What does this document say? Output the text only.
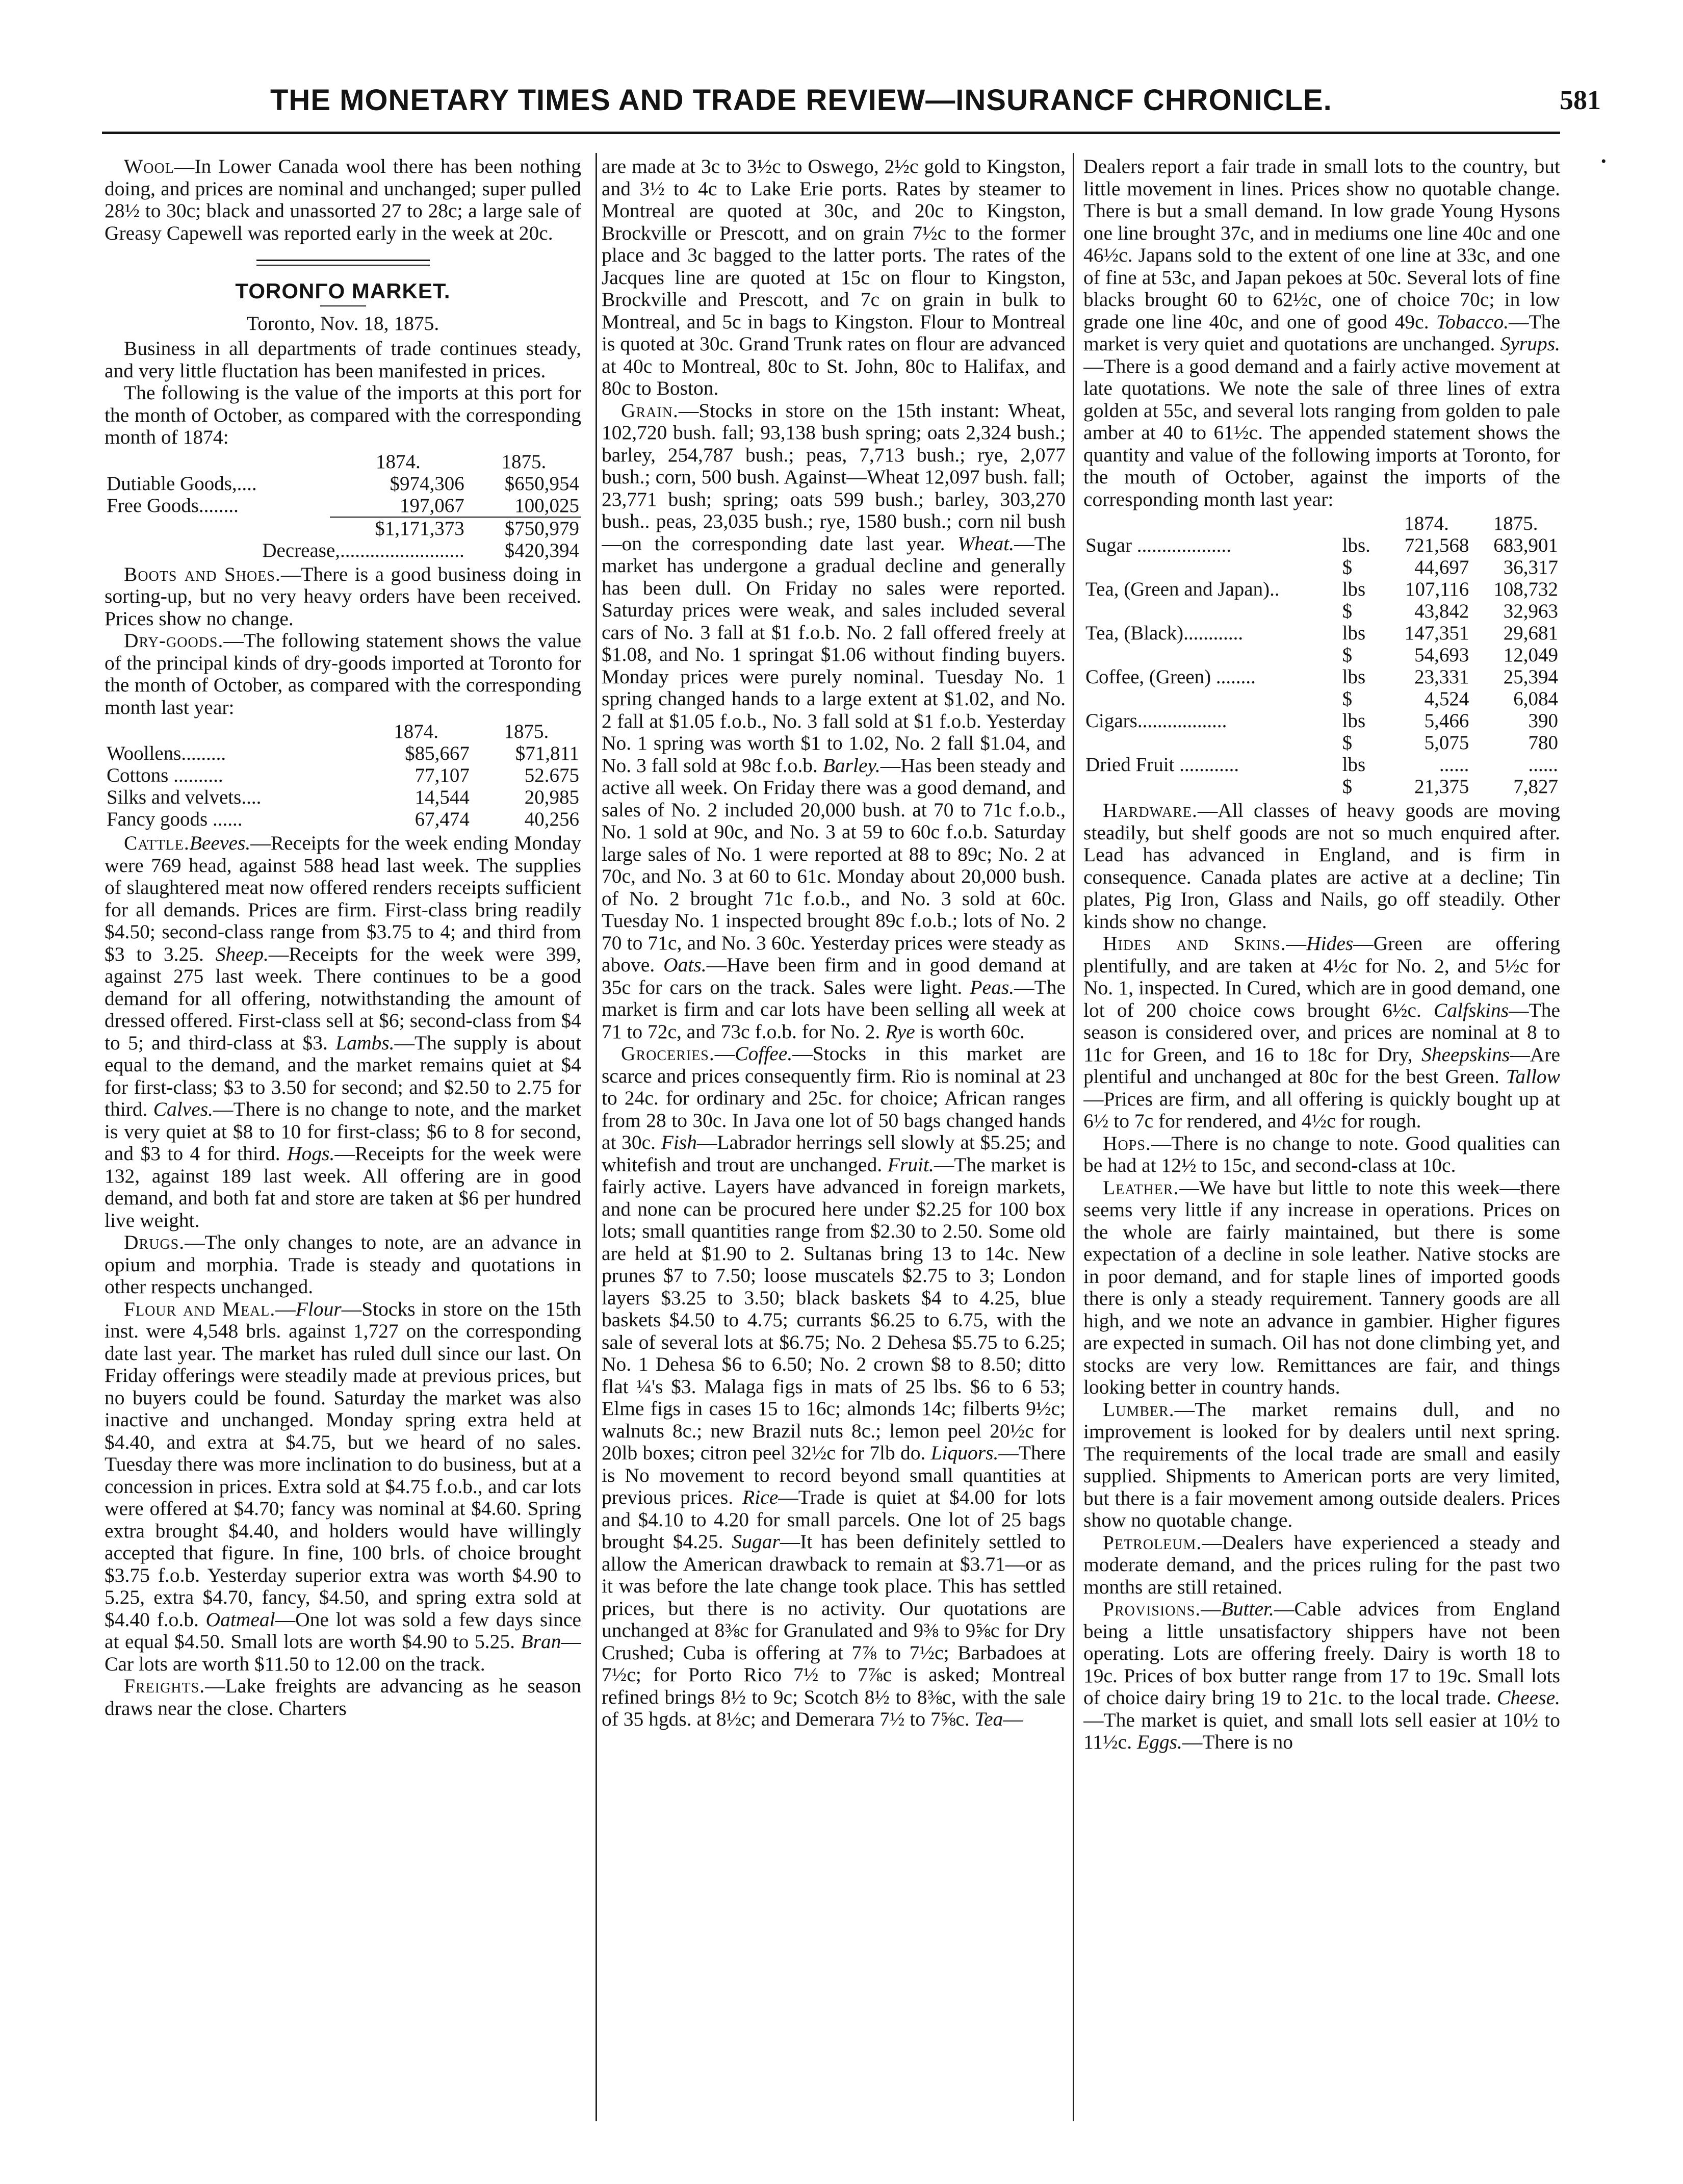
THE MONETARY TIMES AND TRADE REVIEW—INSURANCF CHRONICLE.	581
•

Wool—In Lower Canada wool there has been nothing doing, and prices are nominal and unchanged; super pulled 28½ to 30c; black and unassorted 27 to 28c; a large sale of Greasy Capewell was reported early in the week at 20c.

TORONΓO MARKET.
Toronto, Nov. 18, 1875.

Business in all departments of trade continues steady, and very little fluctation has been manifested in prices.

The following is the value of the imports at this port for the month of October, as compared with the corresponding month of 1874:

	1874.	1875.
Dutiable Goods,....	$974,306	$650,954
Free Goods........	197,067	100,025
	$1,171,373	$750,979
Decrease,.........................		$420,394

Boots and Shoes.—There is a good business doing in sorting-up, but no very heavy orders have been received. Prices show no change.

Dry-goods.—The following statement shows the value of the principal kinds of dry-goods imported at Toronto for the month of October, as compared with the corresponding month last year:

	1874.	1875.
Woollens.........	$85,667	$71,811
Cottons ..........	77,107	52.675
Silks and velvets....	14,544	20,985
Fancy goods ......	67,474	40,256

Cattle.Beeves.—Receipts for the week ending Monday were 769 head, against 588 head last week. The supplies of slaughtered meat now offered renders receipts sufficient for all demands. Prices are firm. First-class bring readily $4.50; second-class range from $3.75 to 4; and third from $3 to 3.25. Sheep.—Receipts for the week were 399, against 275 last week. There continues to be a good demand for all offering, notwithstanding the amount of dressed offered. First-class sell at $6; second-class from $4 to 5; and third-class at $3. Lambs.—The supply is about equal to the demand, and the market remains quiet at $4 for first-class; $3 to 3.50 for second; and $2.50 to 2.75 for third. Calves.—There is no change to note, and the market is very quiet at $8 to 10 for first-class; $6 to 8 for second, and $3 to 4 for third. Hogs.—Receipts for the week were 132, against 189 last week. All offering are in good demand, and both fat and store are taken at $6 per hundred live weight.

Drugs.—The only changes to note, are an advance in opium and morphia. Trade is steady and quotations in other respects unchanged.

Flour and Meal.—Flour—Stocks in store on the 15th inst. were 4,548 brls. against 1,727 on the corresponding date last year. The market has ruled dull since our last. On Friday offerings were steadily made at previous prices, but no buyers could be found. Saturday the market was also inactive and unchanged. Monday spring extra held at $4.40, and extra at $4.75, but we heard of no sales. Tuesday there was more inclination to do business, but at a concession in prices. Extra sold at $4.75 f.o.b., and car lots were offered at $4.70; fancy was nominal at $4.60. Spring extra brought $4.40, and holders would have willingly accepted that figure. In fine, 100 brls. of choice brought $3.75 f.o.b. Yesterday superior extra was worth $4.90 to 5.25, extra $4.70, fancy, $4.50, and spring extra sold at $4.40 f.o.b. Oatmeal—One lot was sold a few days since at equal $4.50. Small lots are worth $4.90 to 5.25. Bran—Car lots are worth $11.50 to 12.00 on the track.

Freights.—Lake freights are advancing as he season draws near the close. Charters

are made at 3c to 3½c to Oswego, 2½c gold to Kingston, and 3½ to 4c to Lake Erie ports. Rates by steamer to Montreal are quoted at 30c, and 20c to Kingston, Brockville or Prescott, and on grain 7½c to the former place and 3c bagged to the latter ports. The rates of the Jacques line are quoted at 15c on flour to Kingston, Brockville and Prescott, and 7c on grain in bulk to Montreal, and 5c in bags to Kingston. Flour to Montreal is quoted at 30c. Grand Trunk rates on flour are advanced at 40c to Montreal, 80c to St. John, 80c to Halifax, and 80c to Boston.

Grain.—Stocks in store on the 15th instant: Wheat, 102,720 bush. fall; 93,138 bush spring; oats 2,324 bush.; barley, 254,787 bush.; peas, 7,713 bush.; rye, 2,077 bush.; corn, 500 bush. Against—Wheat 12,097 bush. fall; 23,771 bush; spring; oats 599 bush.; barley, 303,270 bush.. peas, 23,035 bush.; rye, 1580 bush.; corn nil bush—on the corresponding date last year. Wheat.—The market has undergone a gradual decline and generally has been dull. On Friday no sales were reported. Saturday prices were weak, and sales included several cars of No. 3 fall at $1 f.o.b. No. 2 fall offered freely at $1.08, and No. 1 springat $1.06 without finding buyers. Monday prices were purely nominal. Tuesday No. 1 spring changed hands to a large extent at $1.02, and No. 2 fall at $1.05 f.o.b., No. 3 fall sold at $1 f.o.b. Yesterday No. 1 spring was worth $1 to 1.02, No. 2 fall $1.04, and No. 3 fall sold at 98c f.o.b. Barley.—Has been steady and active all week. On Friday there was a good demand, and sales of No. 2 included 20,000 bush. at 70 to 71c f.o.b., No. 1 sold at 90c, and No. 3 at 59 to 60c f.o.b. Saturday large sales of No. 1 were reported at 88 to 89c; No. 2 at 70c, and No. 3 at 60 to 61c. Monday about 20,000 bush. of No. 2 brought 71c f.o.b., and No. 3 sold at 60c. Tuesday No. 1 inspected brought 89c f.o.b.; lots of No. 2 70 to 71c, and No. 3 60c. Yesterday prices were steady as above. Oats.—Have been firm and in good demand at 35c for cars on the track. Sales were light. Peas.—The market is firm and car lots have been selling all week at 71 to 72c, and 73c f.o.b. for No. 2. Rye is worth 60c.

Groceries.—Coffee.—Stocks in this market are scarce and prices consequently firm. Rio is nominal at 23 to 24c. for ordinary and 25c. for choice; African ranges from 28 to 30c. In Java one lot of 50 bags changed hands at 30c. Fish—Labrador herrings sell slowly at $5.25; and whitefish and trout are unchanged. Fruit.—The market is fairly active. Layers have advanced in foreign markets, and none can be procured here under $2.25 for 100 box lots; small quantities range from $2.30 to 2.50. Some old are held at $1.90 to 2. Sultanas bring 13 to 14c. New prunes $7 to 7.50; loose muscatels $2.75 to 3; London layers $3.25 to 3.50; black baskets $4 to 4.25, blue baskets $4.50 to 4.75; currants $6.25 to 6.75, with the sale of several lots at $6.75; No. 2 Dehesa $5.75 to 6.25; No. 1 Dehesa $6 to 6.50; No. 2 crown $8 to 8.50; ditto flat ¼'s $3. Malaga figs in mats of 25 lbs. $6 to 6 53; Elme figs in cases 15 to 16c; almonds 14c; filberts 9½c; walnuts 8c.; new Brazil nuts 8c.; lemon peel 20½c for 20lb boxes; citron peel 32½c for 7lb do. Liquors.—There is No movement to record beyond small quantities at previous prices. Rice—Trade is quiet at $4.00 for lots and $4.10 to 4.20 for small parcels. One lot of 25 bags brought $4.25. Sugar—It has been definitely settled to allow the American drawback to remain at $3.71—or as it was before the late change took place. This has settled prices, but there is no activity. Our quotations are unchanged at 8⅜c for Granulated and 9⅜ to 9⅝c for Dry Crushed; Cuba is offering at 7⅞ to 7½c; Barbadoes at 7½c; for Porto Rico 7½ to 7⅞c is asked; Montreal refined brings 8½ to 9c; Scotch 8½ to 8⅜c, with the sale of 35 hgds. at 8½c; and Demerara 7½ to 7⅝c. Tea—

Dealers report a fair trade in small lots to the country, but little movement in lines. Prices show no quotable change. There is but a small demand. In low grade Young Hysons one line brought 37c, and in mediums one line 40c and one 46½c. Japans sold to the extent of one line at 33c, and one of fine at 53c, and Japan pekoes at 50c. Several lots of fine blacks brought 60 to 62½c, one of choice 70c; in low grade one line 40c, and one of good 49c. Tobacco.—The market is very quiet and quotations are unchanged. Syrups.—There is a good demand and a fairly active movement at late quotations. We note the sale of three lines of extra golden at 55c, and several lots ranging from golden to pale amber at 40 to 61½c. The appended statement shows the quantity and value of the following imports at Toronto, for the mouth of October, against the imports of the corresponding month last year:

		1874.	1875.
Sugar ...................	lbs.	721,568	683,901
	$	44,697	36,317
Tea, (Green and Japan)..	lbs	107,116	108,732
	$	43,842	32,963
Tea, (Black)............	lbs	147,351	29,681
	$	54,693	12,049
Coffee, (Green) ........	lbs	23,331	25,394
	$	4,524	6,084
Cigars..................	lbs	5,466	390
	$	5,075	780
Dried Fruit ............	lbs	......	......
	$	21,375	7,827

Hardware.—All classes of heavy goods are moving steadily, but shelf goods are not so much enquired after. Lead has advanced in England, and is firm in consequence. Canada plates are active at a decline; Tin plates, Pig Iron, Glass and Nails, go off steadily. Other kinds show no change.

Hides and Skins.—Hides—Green are offering plentifully, and are taken at 4½c for No. 2, and 5½c for No. 1, inspected. In Cured, which are in good demand, one lot of 200 choice cows brought 6½c. Calfskins—The season is considered over, and prices are nominal at 8 to 11c for Green, and 16 to 18c for Dry, Sheepskins—Are plentiful and unchanged at 80c for the best Green. Tallow—Prices are firm, and all offering is quickly bought up at 6½ to 7c for rendered, and 4½c for rough.

Hops.—There is no change to note. Good qualities can be had at 12½ to 15c, and second-class at 10c.

Leather.—We have but little to note this week—there seems very little if any increase in operations. Prices on the whole are fairly maintained, but there is some expectation of a decline in sole leather. Native stocks are in poor demand, and for staple lines of imported goods there is only a steady requirement. Tannery goods are all high, and we note an advance in gambier. Higher figures are expected in sumach. Oil has not done climbing yet, and stocks are very low. Remittances are fair, and things looking better in country hands.

Lumber.—The market remains dull, and no improvement is looked for by dealers until next spring. The requirements of the local trade are small and easily supplied. Shipments to American ports are very limited, but there is a fair movement among outside dealers. Prices show no quotable change.

Petroleum.—Dealers have experienced a steady and moderate demand, and the prices ruling for the past two months are still retained.

Provisions.—Butter.—Cable advices from England being a little unsatisfactory shippers have not been operating. Lots are offering freely. Dairy is worth 18 to 19c. Prices of box butter range from 17 to 19c. Small lots of choice dairy bring 19 to 21c. to the local trade. Cheese.—The market is quiet, and small lots sell easier at 10½ to 11½c. Eggs.—There is no
